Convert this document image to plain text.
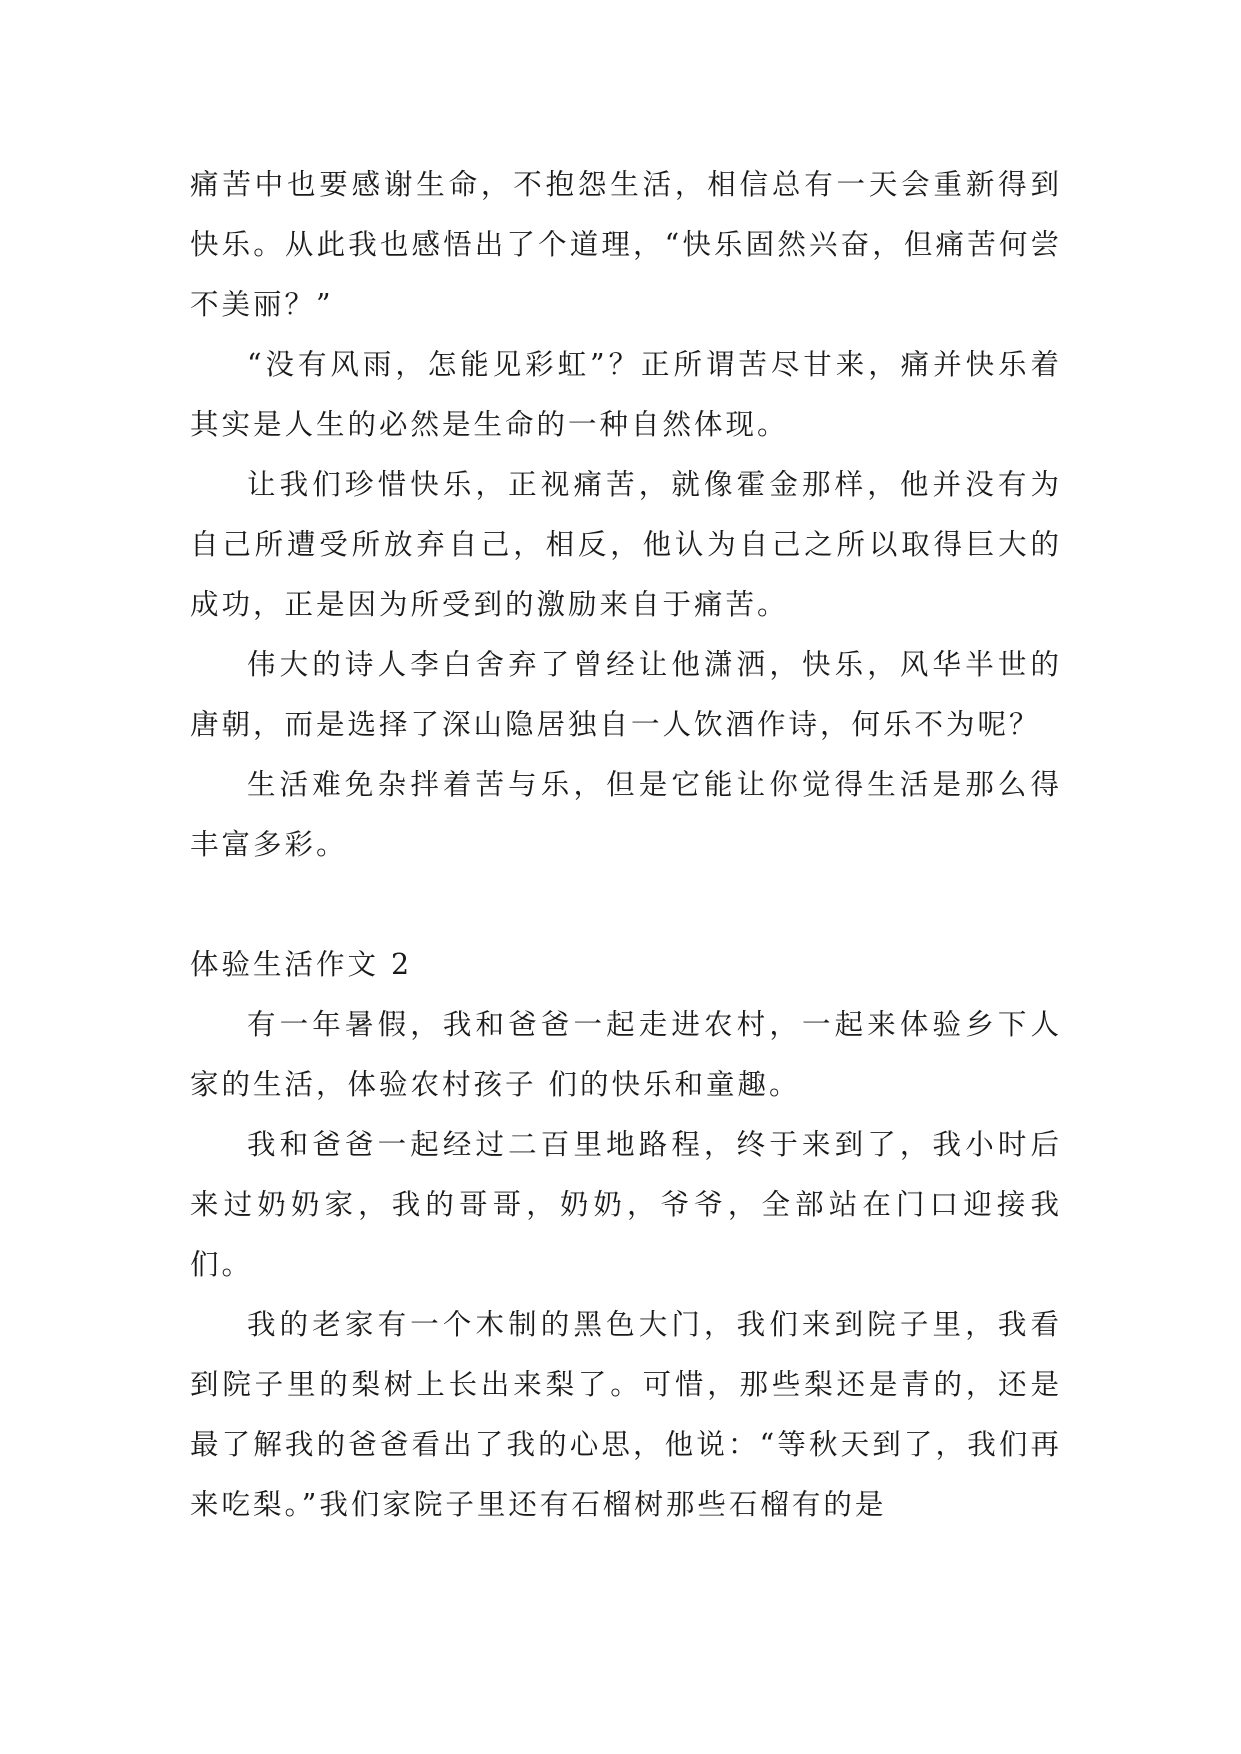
痛苦中也要感谢生命，不抱怨生活，相信总有一天会重新得到快乐。从此我也感悟出了个道理，“快乐固然兴奋，但痛苦何尝不美丽？”

“没有风雨，怎能见彩虹”？正所谓苦尽甘来，痛并快乐着其实是人生的必然是生命的一种自然体现。

让我们珍惜快乐，正视痛苦，就像霍金那样，他并没有为自己所遭受所放弃自己，相反，他认为自己之所以取得巨大的成功，正是因为所受到的激励来自于痛苦。

伟大的诗人李白舍弃了曾经让他潇洒，快乐，风华半世的唐朝，而是选择了深山隐居独自一人饮酒作诗，何乐不为呢？

生活难免杂拌着苦与乐，但是它能让你觉得生活是那么得丰富多彩。

体验生活作文 2

有一年暑假，我和爸爸一起走进农村，一起来体验乡下人家的生活，体验农村孩子 们的快乐和童趣。

我和爸爸一起经过二百里地路程，终于来到了，我小时后来过奶奶家，我的哥哥，奶奶，爷爷，全部站在门口迎接我们。

我的老家有一个木制的黑色大门，我们来到院子里，我看到院子里的梨树上长出来梨了。可惜，那些梨还是青的，还是最了解我的爸爸看出了我的心思，他说：“等秋天到了，我们再来吃梨。”我们家院子里还有石榴树那些石榴有的是
